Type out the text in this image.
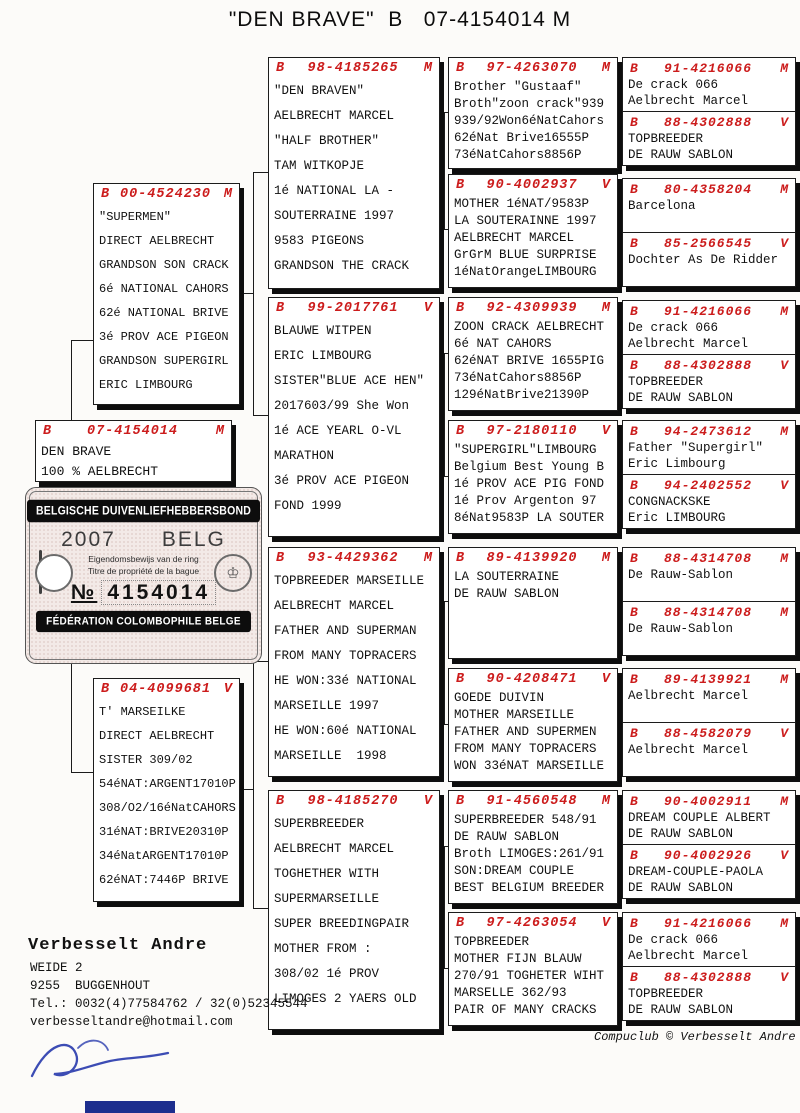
"DEN BRAVE"  B   07-4154014 M
B 00-4524230 M
"SUPERMEN"
DIRECT AELBRECHT
GRANDSON SON CRACK
6é NATIONAL CAHORS
62é NATIONAL BRIVE
3é PROV ACE PIGEON
GRANDSON SUPERGIRL
ERIC LIMBOURG
B	07-4154014	M
DEN BRAVE
100 % AELBRECHT
BELGISCHE DUIVENLIEFHEBBERSBOND
2007 BELG
Eigendomsbewijs van de ring
Titre de propriété de la bague
№ 4154014
FÉDÉRATION COLOMBOPHILE BELGE
♔
B 04-4099681 V
T' MARSEILKE
DIRECT AELBRECHT
SISTER 309/02
54éNAT:ARGENT17010P
308/O2/16éNatCAHORS
31éNAT:BRIVE20310P
34éNatARGENT17010P
62éNAT:7446P BRIVE
B	98-4185265	M
"DEN BRAVEN"
AELBRECHT MARCEL
"HALF BROTHER"
TAM WITKOPJE
1é NATIONAL LA -
SOUTERRAINE 1997
9583 PIGEONS
GRANDSON THE CRACK
B	99-2017761	V
BLAUWE WITPEN
ERIC LIMBOURG
SISTER"BLUE ACE HEN"
2017603/99 She Won
1é ACE YEARL O-VL
MARATHON
3é PROV ACE PIGEON
FOND 1999
B	93-4429362	M
TOPBREEDER MARSEILLE
AELBRECHT MARCEL
FATHER AND SUPERMAN
FROM MANY TOPRACERS
HE WON:33é NATIONAL
MARSEILLE 1997
HE WON:60é NATIONAL
MARSEILLE  1998
B	98-4185270	V
SUPERBREEDER
AELBRECHT MARCEL
TOGHETHER WITH
SUPERMARSEILLE
SUPER BREEDINGPAIR
MOTHER FROM :
308/02 1é PROV
LIMOGES 2 YAERS OLD
B	97-4263070	M
Brother "Gustaaf"
Broth"zoon crack"939
939/92Won6éNatCahors
62éNat Brive16555P
73éNatCahors8856P
B	90-4002937	V
MOTHER 1éNAT/9583P
LA SOUTERAINNE 1997
AELBRECHT MARCEL
GrGrM BLUE SURPRISE
1éNatOrangeLIMBOURG
B	92-4309939	M
ZOON CRACK AELBRECHT
6é NAT CAHORS
62éNAT BRIVE 1655PIG
73éNatCahors8856P
129éNatBrive21390P
B	97-2180110	V
"SUPERGIRL"LIMBOURG
Belgium Best Young B
1é PROV ACE PIG FOND
1é Prov Argenton 97
8éNat9583P LA SOUTER
B	89-4139920	M
LA SOUTERRAINE
DE RAUW SABLON
B	90-4208471	V
GOEDE DUIVIN
MOTHER MARSEILLE
FATHER AND SUPERMEN
FROM MANY TOPRACERS
WON 33éNAT MARSEILLE
B	91-4560548	M
SUPERBREEDER 548/91
DE RAUW SABLON
Broth LIMOGES:261/91
SON:DREAM COUPLE
BEST BELGIUM BREEDER
B	97-4263054	V
TOPBREEDER
MOTHER FIJN BLAUW
270/91 TOGHETER WIHT
MARSELLE 362/93
PAIR OF MANY CRACKS
B	91-4216066	M
De crack 066
Aelbrecht Marcel
B	88-4302888	V
TOPBREEDER
DE RAUW SABLON
B	80-4358204	M
Barcelona
B	85-2566545	V
Dochter As De Ridder
B	91-4216066	M
De crack 066
Aelbrecht Marcel
B	88-4302888	V
TOPBREEDER
DE RAUW SABLON
B	94-2473612	M
Father "Supergirl"
Eric Limbourg
B	94-2402552	V
CONGNACKSKE
Eric LIMBOURG
B	88-4314708	M
De Rauw-Sablon
B	88-4314708	M
De Rauw-Sablon
B	89-4139921	M
Aelbrecht Marcel
B	88-4582079	V
Aelbrecht Marcel
B	90-4002911	M
DREAM COUPLE ALBERT
DE RAUW SABLON
B	90-4002926	V
DREAM-COUPLE-PAOLA
DE RAUW SABLON
B	91-4216066	M
De crack 066
Aelbrecht Marcel
B	88-4302888	V
TOPBREEDER
DE RAUW SABLON
Verbesselt Andre
WEIDE 2
9255  BUGGENHOUT
Tel.: 0032(4)77584762 / 32(0)52345544
verbesseltandre@hotmail.com
Compuclub © Verbesselt Andre
